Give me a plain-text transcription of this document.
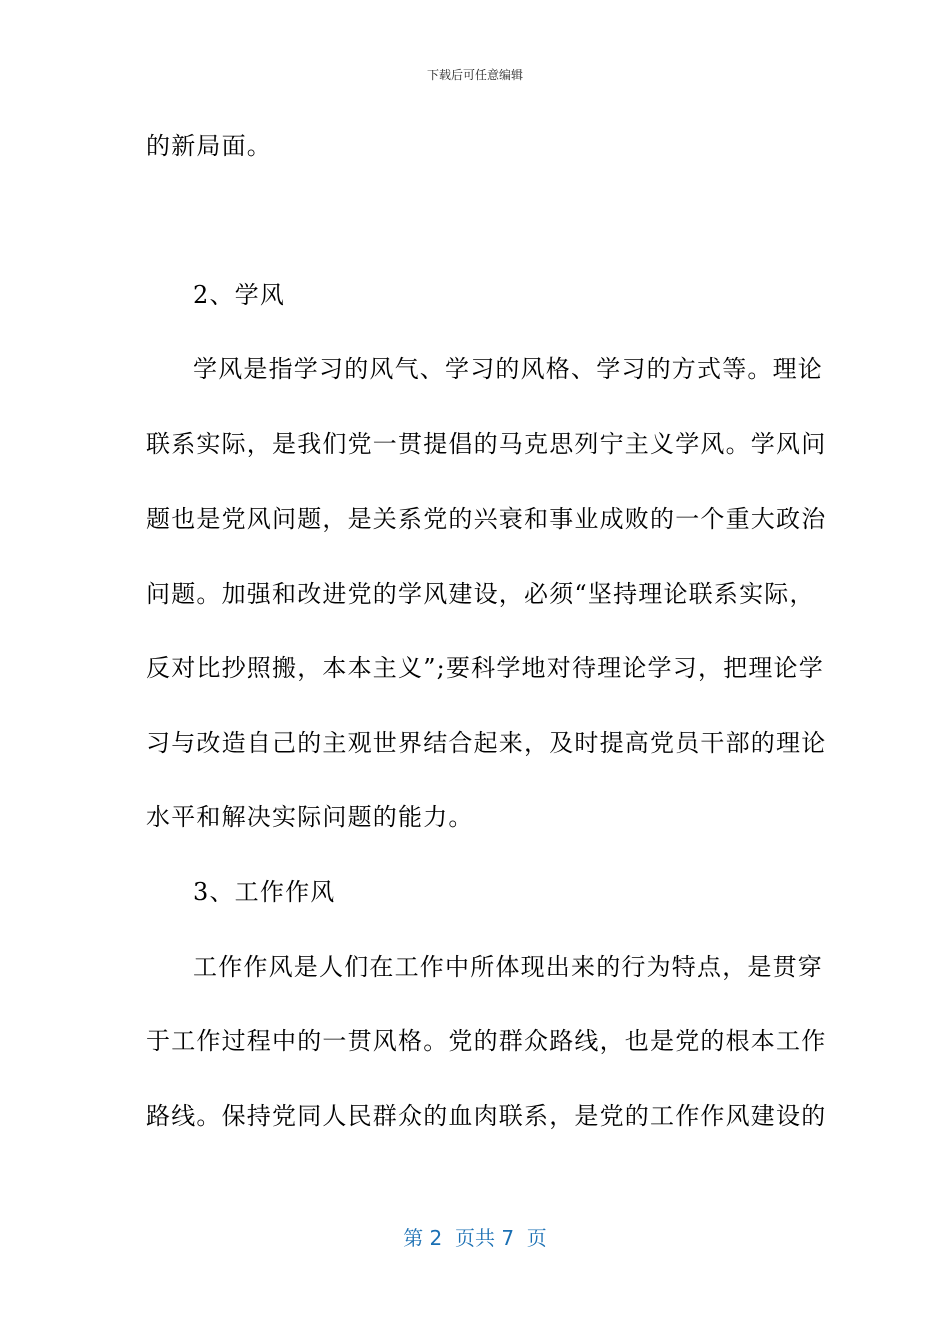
下载后可任意编辑
的新局面。
2、学风
学风是指学习的风气、学习的风格、学习的方式等。理论
联系实际，是我们党一贯提倡的马克思列宁主义学风。学风问
题也是党风问题，是关系党的兴衰和事业成败的一个重大政治
问题。加强和改进党的学风建设，必须“坚持理论联系实际，
反对比抄照搬，本本主义”;要科学地对待理论学习，把理论学
习与改造自己的主观世界结合起来，及时提高党员干部的理论
水平和解决实际问题的能力。
3、工作作风
工作作风是人们在工作中所体现出来的行为特点，是贯穿
于工作过程中的一贯风格。党的群众路线，也是党的根本工作
路线。保持党同人民群众的血肉联系，是党的工作作风建设的
第 2  页共 7  页
